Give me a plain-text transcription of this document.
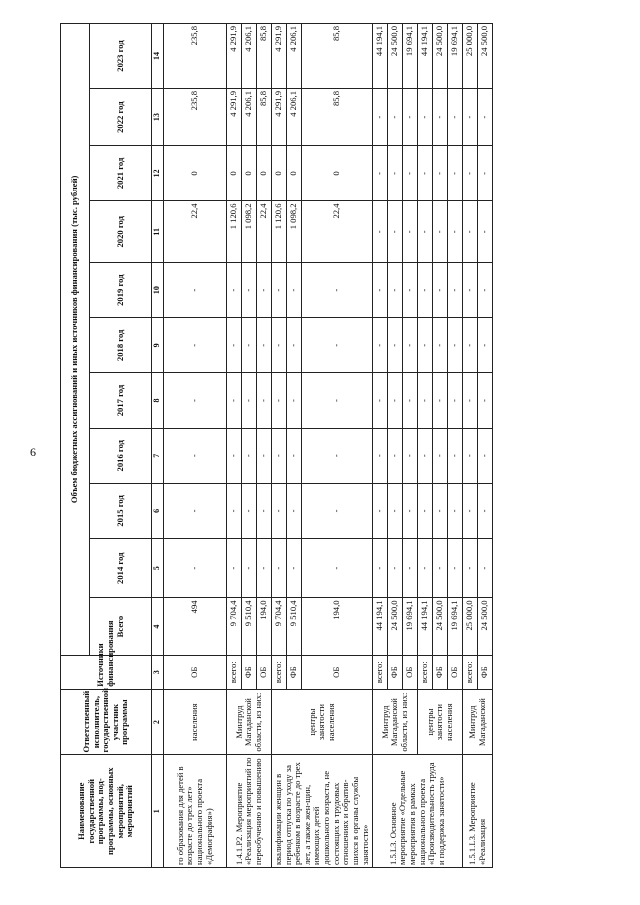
6
Наименование государственной программы, под-программы, основных мероприятий, мероприятий	Ответственный исполнитель, государственной участник программы	Источники финансирования	Объем бюджетных ассигнований и иных источников финансирования (тыс. рублей)										
			Всего	2014 год	2015 год	2016 год	2017 год	2018 год	2019 год	2020 год	2021 год	2022 год	2023 год
1	2	3	4	5	6	7	8	9	10	11	12	13	14
го образования для детей в возрасте до трех лет» национального проекта «Демография»)	населения	ОБ	494	-	-	-	-	-	-	22,4	0	235,8	235,8
1.4.1.Р2. Мероприятие «Реализация мероприятий по переобучению и повышению	Минтруд Магаданской области, из них:	всего:	9 704,4	-	-	-	-	-	-	1 120,6	0	4 291,9	4 291,9
		ФБ	9 510,4	-	-	-	-	-	-	1 098,2	0	4 206,1	4 206,1
		ОБ	194,0	-	-	-	-	-	-	22,4	0	85,8	85,8
квалификации женщин в период отпуска по уходу за ребенком в возрасте до трех лет, а также жен-щин, имеющих детей дошкольного возраста, не состоящих в трудовых отношениях и обратив-шихся в органы службы занятости»	центры занятости населения	всего:	9 704,4	-	-	-	-	-	-	1 120,6	0	4 291,9	4 291,9
		ФБ	9 510,4	-	-	-	-	-	-	1 098,2	0	4 206,1	4 206,1
		ОБ	194,0	-	-	-	-	-	-	22,4	0	85,8	85,8
1.5.L3. Основное мероприятие «Отдельные мероприятия в рамках национального проекта «Производительность труда и поддержка занятости»	Минтруд Магаданской области, из них:	всего:	44 194,1	-	-	-	-	-	-	-	-	-	44 194,1
		ФБ	24 500,0	-	-	-	-	-	-	-	-	-	24 500,0
		ОБ	19 694,1	-	-	-	-	-	-	-	-	-	19 694,1
	центры занятости населения	всего:	44 194,1	-	-	-	-	-	-	-	-	-	44 194,1
		ФБ	24 500,0	-	-	-	-	-	-	-	-	-	24 500,0
		ОБ	19 694,1	-	-	-	-	-	-	-	-	-	19 694,1
1.5.1.L3. Мероприятие «Реализация	Минтруд Магаданской	всего:	25 000,0	-	-	-	-	-	-	-	-	-	25 000,0
		ФБ	24 500,0	-	-	-	-	-	-	-	-	-	24 500,0
